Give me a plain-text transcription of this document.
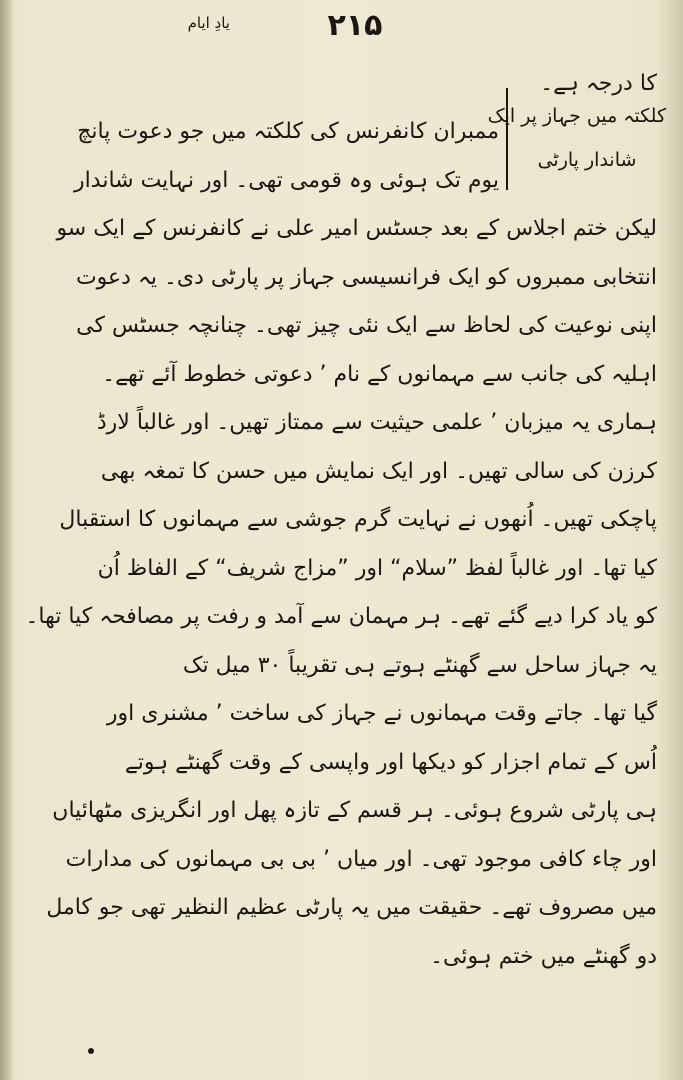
۲۱۵
یادِ ایام
کا درجہ ہے۔
کلکتہ میں جہاز پر ایک
شاندار پارٹی
ممبران کانفرنس کی کلکتہ میں جو دعوت پانچ
یوم تک ہوئی وہ قومی تھی۔ اور نہایت شاندار
لیکن ختم اجلاس کے بعد جسٹس امیر علی نے کانفرنس کے ایک سو
انتخابی ممبروں کو ایک فرانسیسی جہاز پر پارٹی دی۔ یہ دعوت
اپنی نوعیت کی لحاظ سے ایک نئی چیز تھی۔ چنانچہ جسٹس کی
اہلیہ کی جانب سے مہمانوں کے نام ’ دعوتی خطوط آئے تھے۔
ہماری یہ میزبان ’ علمی حیثیت سے ممتاز تھیں۔ اور غالباً لارڈ
کرزن کی سالی تھیں۔ اور ایک نمایش میں حسن کا تمغہ بھی
پاچکی تھیں۔ اُنھوں نے نہایت گرم جوشی سے مہمانوں کا استقبال
کیا تھا۔ اور غالباً لفظ ”سلام“ اور ”مزاج شریف“ کے الفاظ اُن
کو یاد کرا دیے گئے تھے۔ ہر مہمان سے آمد و رفت پر مصافحہ کیا تھا۔
یہ جہاز ساحل سے گھنٹے ہوتے ہی تقریباً ۳۰ میل تک
گیا تھا۔ جاتے وقت مہمانوں نے جہاز کی ساخت ’ مشنری اور
اُس کے تمام اجزار کو دیکھا اور واپسی کے وقت گھنٹے ہوتے
ہی پارٹی شروع ہوئی۔ ہر قسم کے تازہ پھل اور انگریزی مٹھائیاں
اور چاء کافی موجود تھی۔ اور میاں ’ بی بی مہمانوں کی مدارات
میں مصروف تھے۔ حقیقت میں یہ پارٹی عظیم النظیر تھی جو کامل
دو گھنٹے میں ختم ہوئی۔
